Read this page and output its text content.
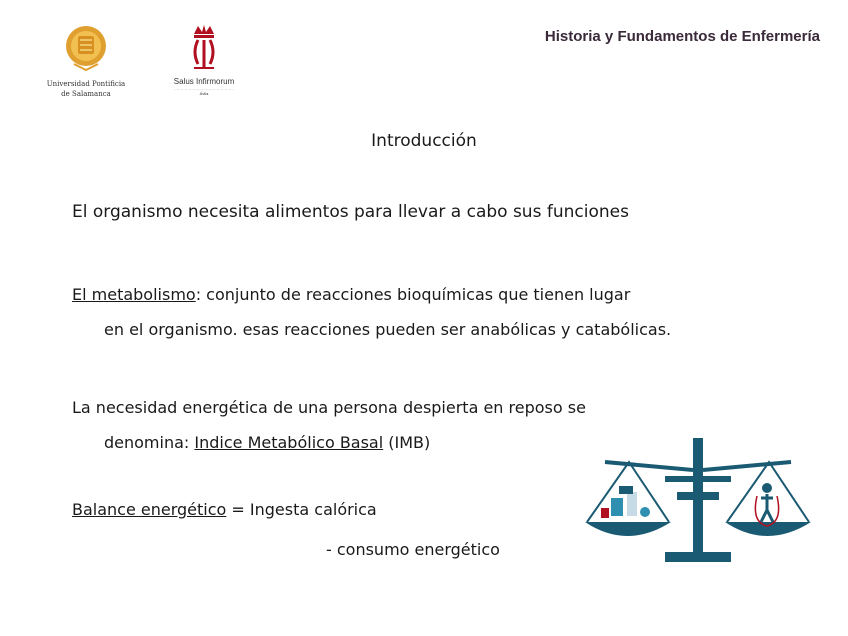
Universidad Pontificia
de Salamanca
Salus Infirmorum
………………………………………
Ávila
Historia y Fundamentos de Enfermería
Introducción
El organismo necesita alimentos para llevar a cabo sus funciones
El metabolismo: conjunto de reacciones bioquímicas que tienen lugar
en el organismo. esas reacciones pueden ser anabólicas y catabólicas.
La necesidad energética de una persona despierta en reposo se
denomina: Indice Metabólico Basal (IMB)
Balance energético = Ingesta calórica
- consumo energético
